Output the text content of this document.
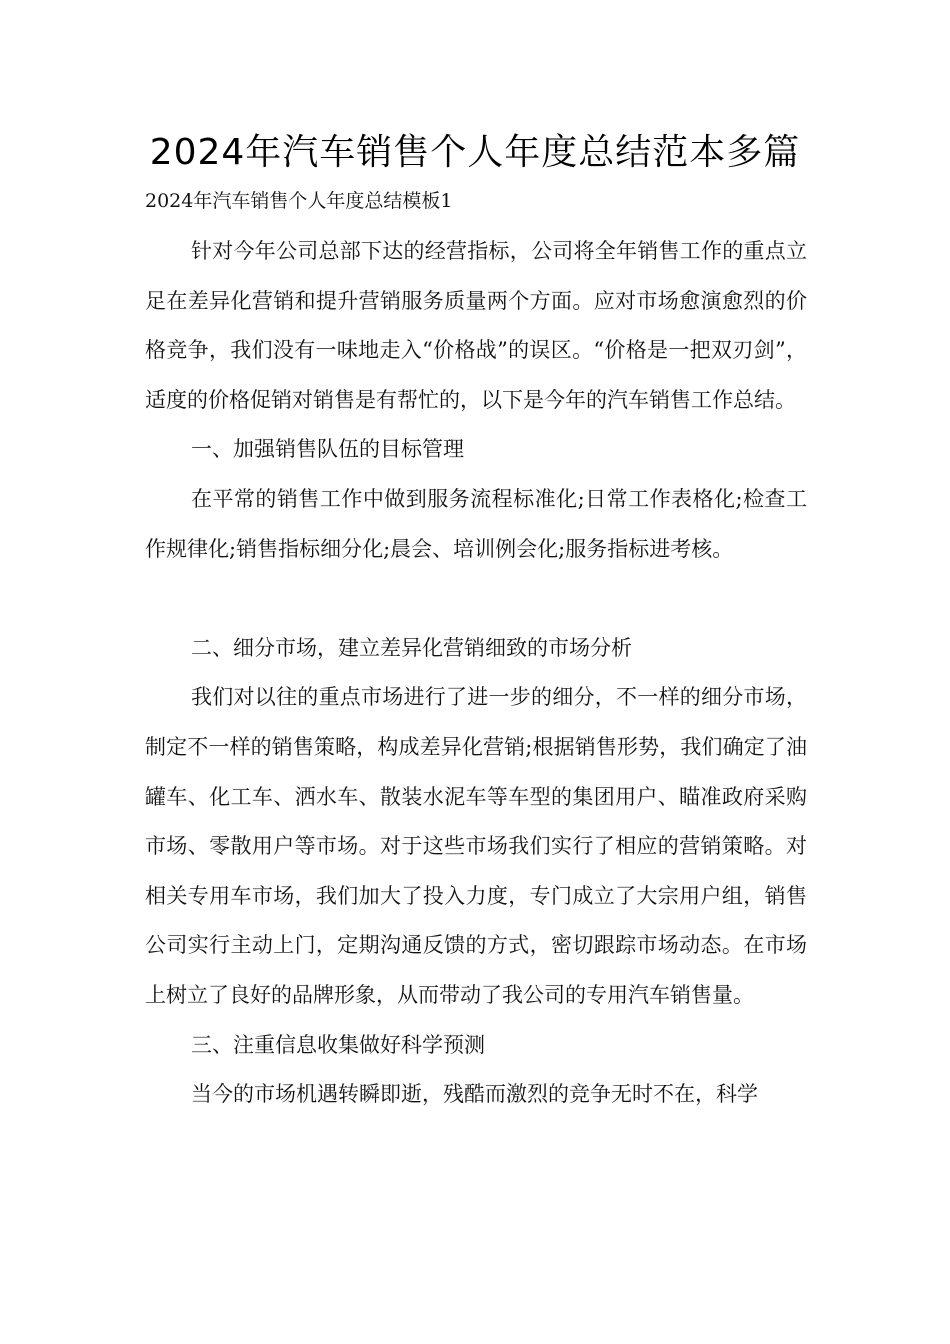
2024年汽车销售个人年度总结范本多篇
2024年汽车销售个人年度总结模板1

针对今年公司总部下达的经营指标，公司将全年销售工作的重点立足在差异化营销和提升营销服务质量两个方面。应对市场愈演愈烈的价格竞争，我们没有一味地走入“价格战”的误区。“价格是一把双刃剑”，适度的价格促销对销售是有帮忙的，以下是今年的汽车销售工作总结。

一、加强销售队伍的目标管理

在平常的销售工作中做到服务流程标准化;日常工作表格化;检查工作规律化;销售指标细分化;晨会、培训例会化;服务指标进考核。

二、细分市场，建立差异化营销细致的市场分析

我们对以往的重点市场进行了进一步的细分，不一样的细分市场，制定不一样的销售策略，构成差异化营销;根据销售形势，我们确定了油罐车、化工车、洒水车、散装水泥车等车型的集团用户、瞄准政府采购市场、零散用户等市场。对于这些市场我们实行了相应的营销策略。对相关专用车市场，我们加大了投入力度，专门成立了大宗用户组，销售公司实行主动上门，定期沟通反馈的方式，密切跟踪市场动态。在市场上树立了良好的品牌形象，从而带动了我公司的专用汽车销售量。

三、注重信息收集做好科学预测

当今的市场机遇转瞬即逝，残酷而激烈的竞争无时不在，科学
